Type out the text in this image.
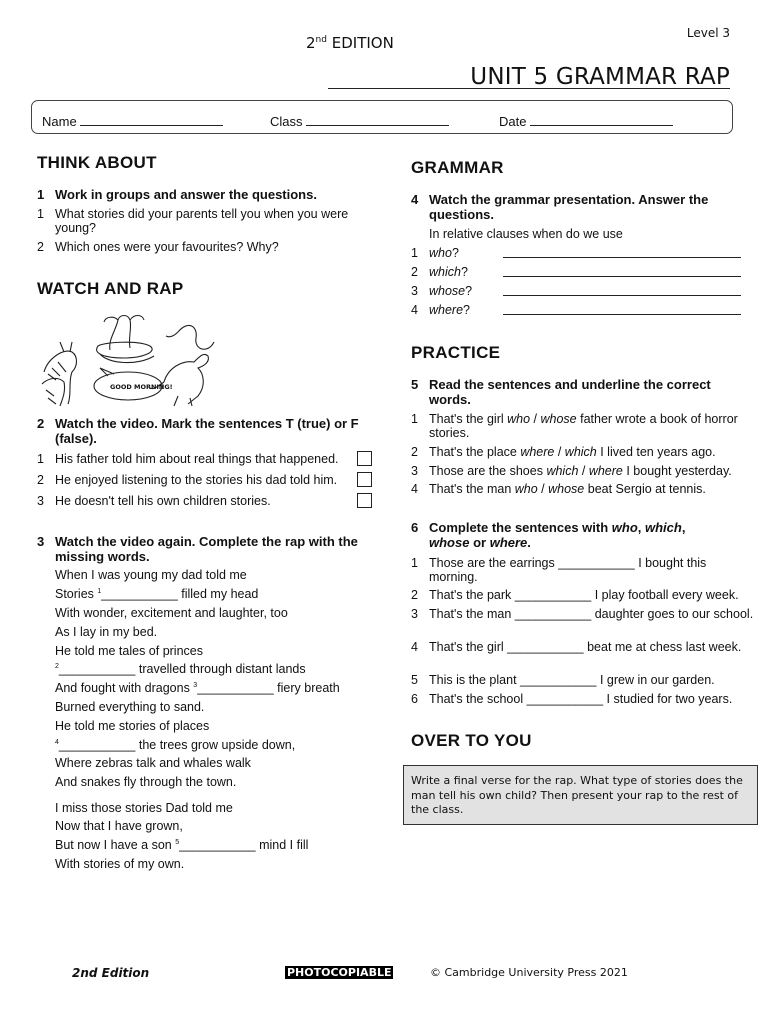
Level 3
2nd EDITION
UNIT 5 GRAMMAR RAP
Name	Class	Date
THINK ABOUT
1 Work in groups and answer the questions.
1 What stories did your parents tell you when you were young?
2 Which ones were your favourites? Why?
WATCH AND RAP
GOOD MORNING!
2 Watch the video. Mark the sentences T (true) or F (false).
1 His father told him about real things that happened.
2 He enjoyed listening to the stories his dad told him.
3 He doesn't tell his own children stories.
3 Watch the video again. Complete the rap with the missing words.
When I was young my dad told me
Stories $^1$___________ filled my head
With wonder, excitement and laughter, too
As I lay in my bed.
He told me tales of princes
$^2$___________ travelled through distant lands
And fought with dragons $^3$___________ fiery breath
Burned everything to sand.
He told me stories of places
$^4$___________ the trees grow upside down,
Where zebras talk and whales walk
And snakes fly through the town.
I miss those stories Dad told me
Now that I have grown,
But now I have a son $^5$___________ mind I fill
With stories of my own.
GRAMMAR
4 Watch the grammar presentation. Answer the questions.
In relative clauses when do we use
1 who?
2 which?
3 whose?
4 where?
PRACTICE
5 Read the sentences and underline the correct words.
1 That's the girl who / whose father wrote a book of horror stories.
2 That's the place where / which I lived ten years ago.
3 Those are the shoes which / where I bought yesterday.
4 That's the man who / whose beat Sergio at tennis.
6 Complete the sentences with who, which,
whose or where.
1 Those are the earrings ___________ I bought this morning.
2 That's the park ___________ I play football every week.
3 That's the man ___________ daughter goes to our school.
4 That's the girl ___________ beat me at chess last week.
5 This is the plant ___________ I grew in our garden.
6 That's the school ___________ I studied for two years.
OVER TO YOU
Write a final verse for the rap. What type of stories does the man tell his own child? Then present your rap to the rest of the class.
2nd Edition	PHOTOCOPIABLE	© Cambridge University Press 2021
